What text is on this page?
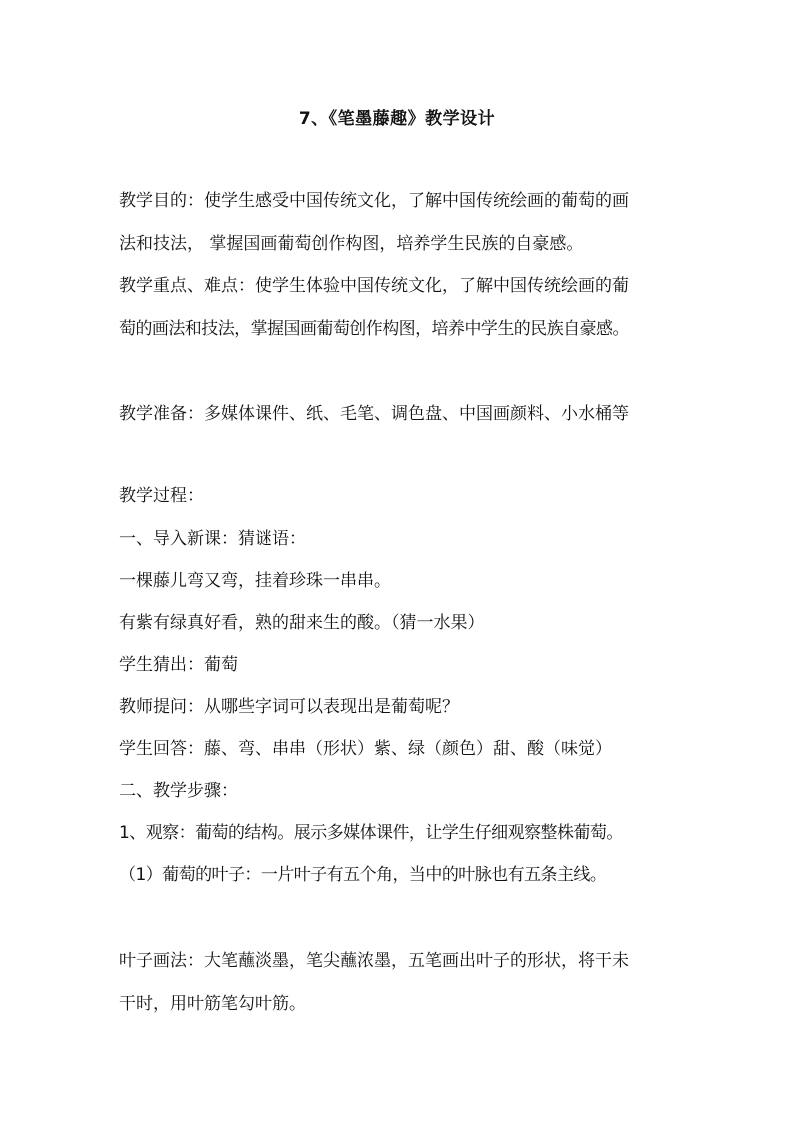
7、《笔墨藤趣》教学设计
教学目的：使学生感受中国传统文化，了解中国传统绘画的葡萄的画
法和技法， 掌握国画葡萄创作构图，培养学生民族的自豪感。
教学重点、难点：使学生体验中国传统文化，了解中国传统绘画的葡
萄的画法和技法，掌握国画葡萄创作构图，培养中学生的民族自豪感。
教学准备：多媒体课件、纸、毛笔、调色盘、中国画颜料、小水桶等
教学过程：
一、导入新课：猜谜语：
一棵藤儿弯又弯，挂着珍珠一串串。
有紫有绿真好看，熟的甜来生的酸。（猜一水果）
学生猜出：葡萄
教师提问：从哪些字词可以表现出是葡萄呢？
学生回答：藤、弯、串串（形状）紫、绿（颜色）甜、酸（味觉）
二、教学步骤：
1、观察：葡萄的结构。展示多媒体课件，让学生仔细观察整株葡萄。
（1）葡萄的叶子：一片叶子有五个角，当中的叶脉也有五条主线。
叶子画法：大笔蘸淡墨，笔尖蘸浓墨，五笔画出叶子的形状，将干未
干时，用叶筋笔勾叶筋。
